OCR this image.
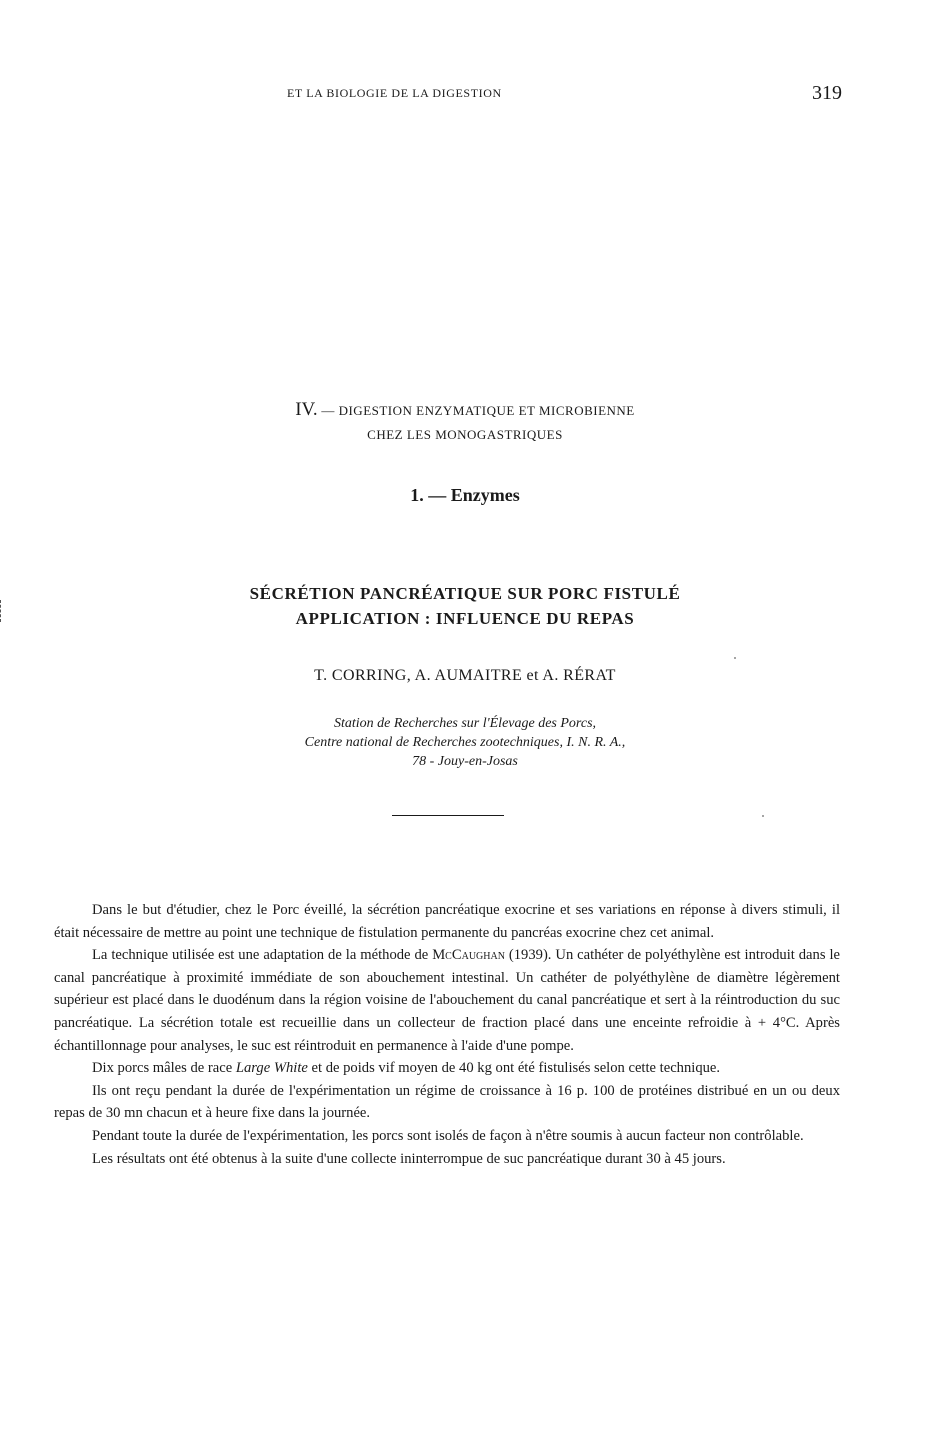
ET LA BIOLOGIE DE LA DIGESTION	319
IV. — DIGESTION ENZYMATIQUE ET MICROBIENNE
CHEZ LES MONOGASTRIQUES
1. — Enzymes
SÉCRÉTION PANCRÉATIQUE SUR PORC FISTULÉ
APPLICATION : INFLUENCE DU REPAS
T. CORRING, A. AUMAITRE et A. RÉRAT
Station de Recherches sur l'Élevage des Porcs,
Centre national de Recherches zootechniques, I. N. R. A.,
78 - Jouy-en-Josas

Dans le but d'étudier, chez le Porc éveillé, la sécrétion pancréatique exocrine et ses variations en réponse à divers stimuli, il était nécessaire de mettre au point une technique de fistulation permanente du pancréas exocrine chez cet animal.

La technique utilisée est une adaptation de la méthode de McCaughan (1939). Un cathéter de polyéthylène est introduit dans le canal pancréatique à proximité immédiate de son abouchement intestinal. Un cathéter de polyéthylène de diamètre légèrement supérieur est placé dans le duodénum dans la région voisine de l'abouchement du canal pancréatique et sert à la réintroduction du suc pancréatique. La sécrétion totale est recueillie dans un collecteur de fraction placé dans une enceinte refroidie à + 4°C. Après échantillonnage pour analyses, le suc est réintroduit en permanence à l'aide d'une pompe.

Dix porcs mâles de race Large White et de poids vif moyen de 40 kg ont été fistulisés selon cette technique.

Ils ont reçu pendant la durée de l'expérimentation un régime de croissance à 16 p. 100 de protéines distribué en un ou deux repas de 30 mn chacun et à heure fixe dans la journée.

Pendant toute la durée de l'expérimentation, les porcs sont isolés de façon à n'être soumis à aucun facteur non contrôlable.

Les résultats ont été obtenus à la suite d'une collecte ininterrompue de suc pancréatique durant 30 à 45 jours.
